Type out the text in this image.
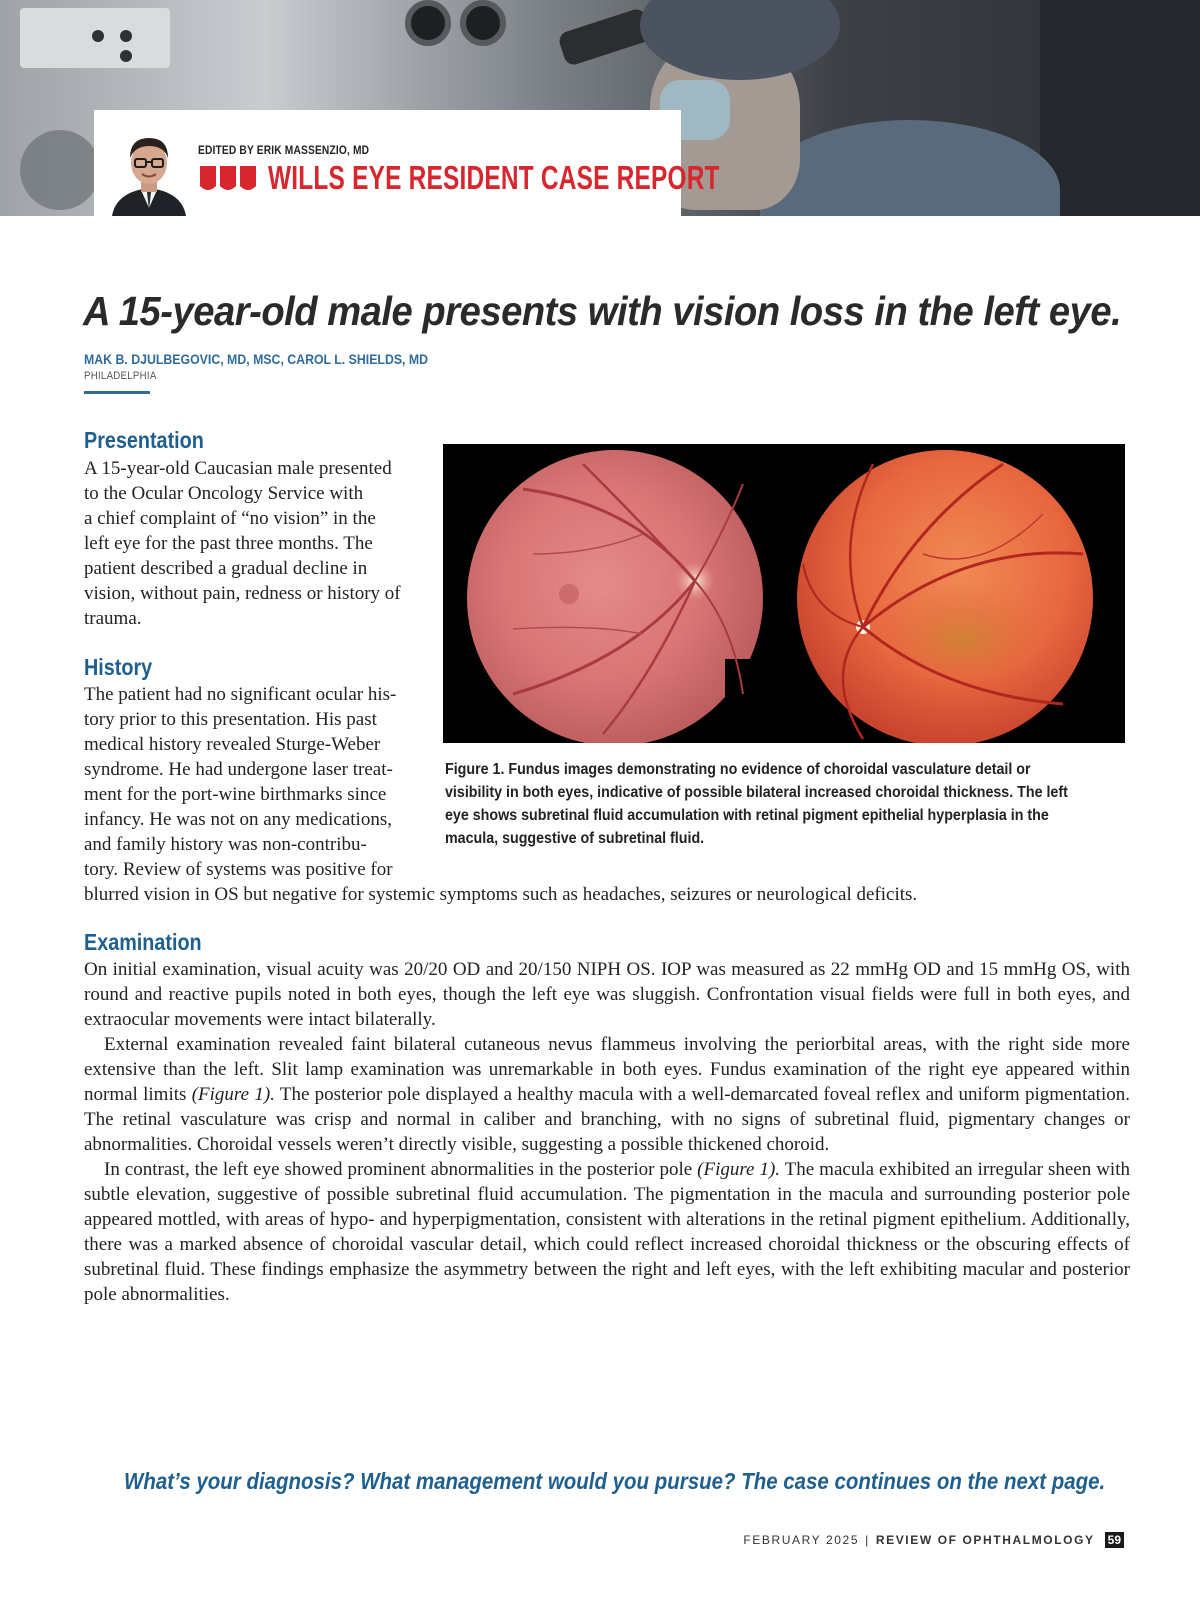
EDITED BY ERIK MASSENZIO, MD
WILLS EYE RESIDENT CASE REPORT
A 15-year-old male presents with vision loss in the left eye.
MAK B. DJULBEGOVIC, MD, MSC, CAROL L. SHIELDS, MD
PHILADELPHIA
Presentation
A 15-year-old Caucasian male presented
to the Ocular Oncology Service with
a chief complaint of “no vision” in the
left eye for the past three months. The
patient described a gradual decline in
vision, without pain, redness or history of
trauma.
History
The patient had no significant ocular his-
tory prior to this presentation. His past
medical history revealed Sturge-Weber
syndrome. He had undergone laser treat-
ment for the port-wine birthmarks since
infancy. He was not on any medications,
and family history was non-contribu-
tory. Review of systems was positive for
blurred vision in OS but negative for systemic symptoms such as headaches, seizures or neurological deficits.
Figure 1. Fundus images demonstrating no evidence of choroidal vasculature detail or
visibility in both eyes, indicative of possible bilateral increased choroidal thickness. The left
eye shows subretinal fluid accumulation with retinal pigment epithelial hyperplasia in the
macula, suggestive of subretinal fluid.
Examination

On initial examination, visual acuity was 20/20 OD and 20/150 NIPH OS. IOP was measured as 22 mmHg OD and 15 mmHg OS, with round and reactive pupils noted in both eyes, though the left eye was sluggish. Confrontation visual fields were full in both eyes, and extraocular movements were intact bilaterally.

External examination revealed faint bilateral cutaneous nevus flammeus involving the periorbital areas, with the right side more extensive than the left. Slit lamp examination was unremarkable in both eyes. Fundus examination of the right eye appeared within normal limits (Figure 1). The posterior pole displayed a healthy macula with a well-demarcated foveal reflex and uniform pigmentation. The retinal vasculature was crisp and normal in caliber and branching, with no signs of subretinal fluid, pigmentary changes or abnormalities. Choroidal vessels weren’t directly visible, suggesting a possible thickened choroid.

In contrast, the left eye showed prominent abnormalities in the posterior pole (Figure 1). The macula exhibited an irregular sheen with subtle elevation, suggestive of possible subretinal fluid accumulation. The pigmentation in the macula and surrounding posterior pole appeared mottled, with areas of hypo- and hyperpigmentation, consistent with alterations in the retinal pigment epithelium. Additionally, there was a marked absence of choroidal vascular detail, which could reflect increased choroidal thickness or the obscuring effects of subretinal fluid. These findings emphasize the asymmetry between the right and left eyes, with the left exhibiting macular and posterior pole abnormalities.

What’s your diagnosis? What management would you pursue? The case continues on the next page.
FEBRUARY 2025 | REVIEW OF OPHTHALMOLOGY 59
